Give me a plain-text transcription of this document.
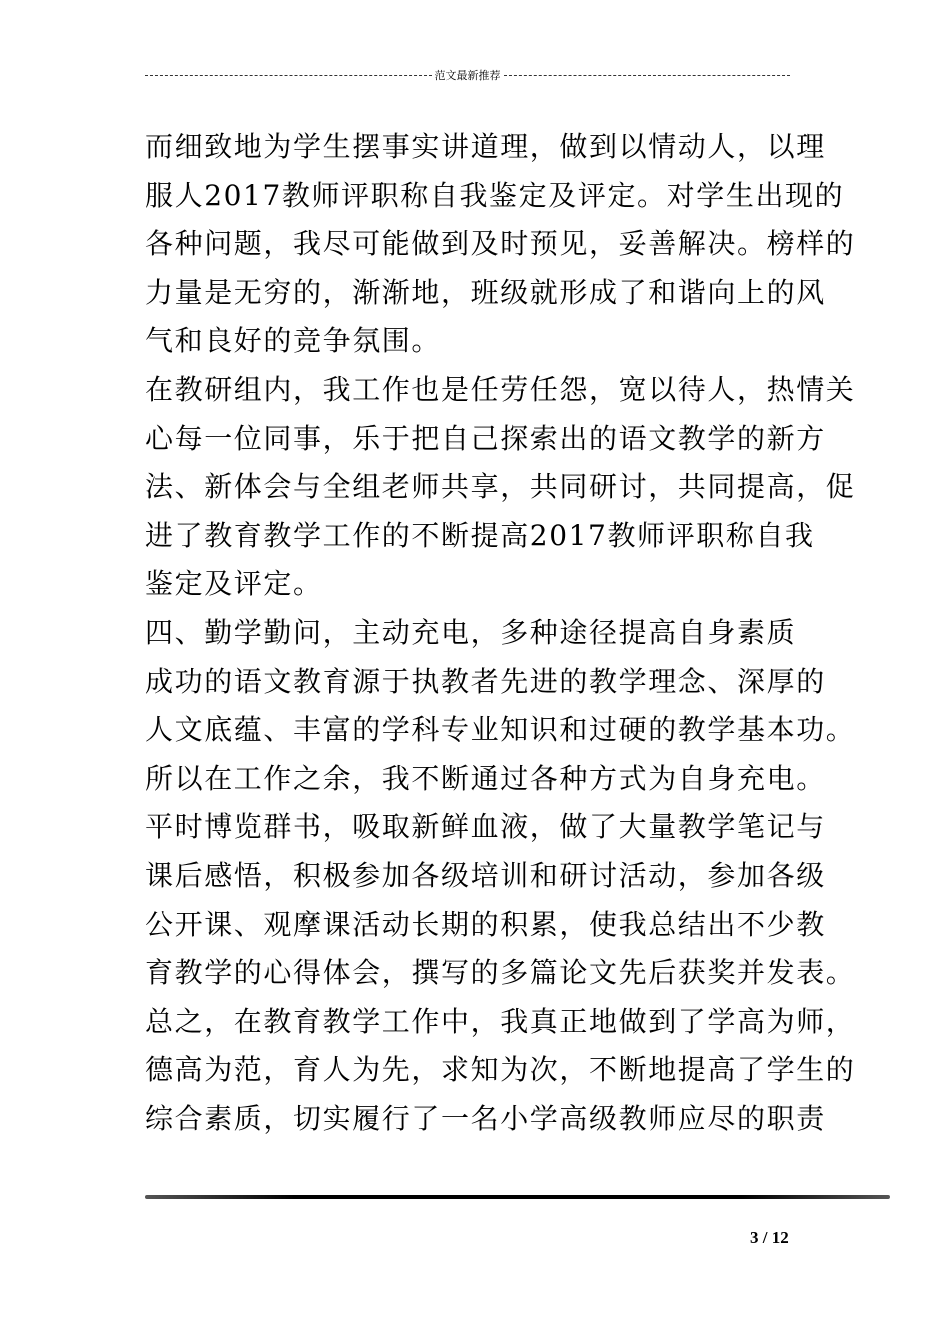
范文最新推荐
而细致地为学生摆事实讲道理，做到以情动人，以理
服人2017教师评职称自我鉴定及评定。对学生出现的
各种问题，我尽可能做到及时预见，妥善解决。榜样的
力量是无穷的，渐渐地，班级就形成了和谐向上的风
气和良好的竞争氛围。
在教研组内，我工作也是任劳任怨，宽以待人，热情关
心每一位同事，乐于把自己探索出的语文教学的新方
法、新体会与全组老师共享，共同研讨，共同提高，促
进了教育教学工作的不断提高2017教师评职称自我
鉴定及评定。
四、勤学勤问，主动充电，多种途径提高自身素质
成功的语文教育源于执教者先进的教学理念、深厚的
人文底蕴、丰富的学科专业知识和过硬的教学基本功。
所以在工作之余，我不断通过各种方式为自身充电。
平时博览群书，吸取新鲜血液，做了大量教学笔记与
课后感悟，积极参加各级培训和研讨活动，参加各级
公开课、观摩课活动长期的积累，使我总结出不少教
育教学的心得体会，撰写的多篇论文先后获奖并发表。
总之，在教育教学工作中，我真正地做到了学高为师，
德高为范，育人为先，求知为次，不断地提高了学生的
综合素质，切实履行了一名小学高级教师应尽的职责
3 / 12
